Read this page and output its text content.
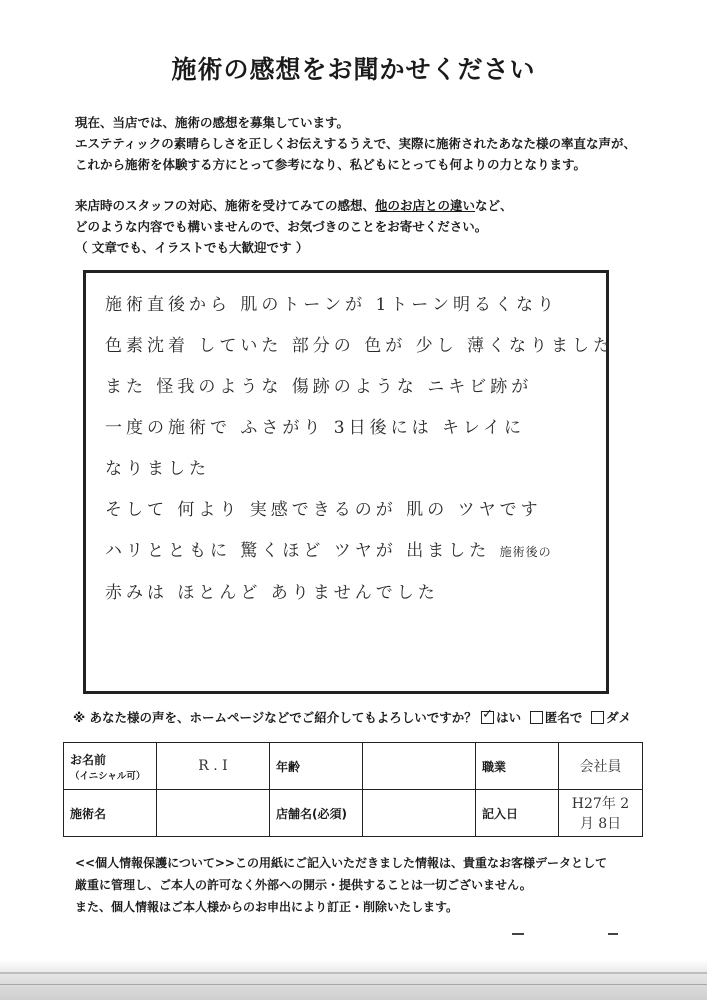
施術の感想をお聞かせください

現在、当店では、施術の感想を募集しています。

エステティックの素晴らしさを正しくお伝えするうえで、実際に施術されたあなた様の率直な声が、

これから施術を体験する方にとって参考になり、私どもにとっても何よりの力となります。

来店時のスタッフの対応、施術を受けてみての感想、他のお店との違いなど、

どのような内容でも構いませんので、お気づきのことをお寄せください。

（ 文章でも、イラストでも大歓迎です ）

施術直後から 肌のトーンが 1トーン明るくなり
色素沈着 していた 部分の 色が 少し 薄くなりました
また 怪我のような 傷跡のような ニキビ跡が
一度の施術で ふさがり 3日後には キレイに
なりました
そして 何より 実感できるのが 肌の ツヤです
ハリとともに 驚くほど ツヤが 出ました 施術後の
赤みは ほとんど ありませんでした
※ あなた様の声を、ホームページなどでご紹介してもよろしいですか？ ✓ はい 匿名で ダメ
お名前
（イニシャル可）	R . I	年齢		職業	会社員
施術名		店舗名(必須)		記入日	H27年 2月 8日

<<個人情報保護について>>この用紙にご記入いただきました情報は、貴重なお客様データとして

厳重に管理し、ご本人の許可なく外部への開示・提供することは一切ございません。

また、個人情報はご本人様からのお申出により訂正・削除いたします。
